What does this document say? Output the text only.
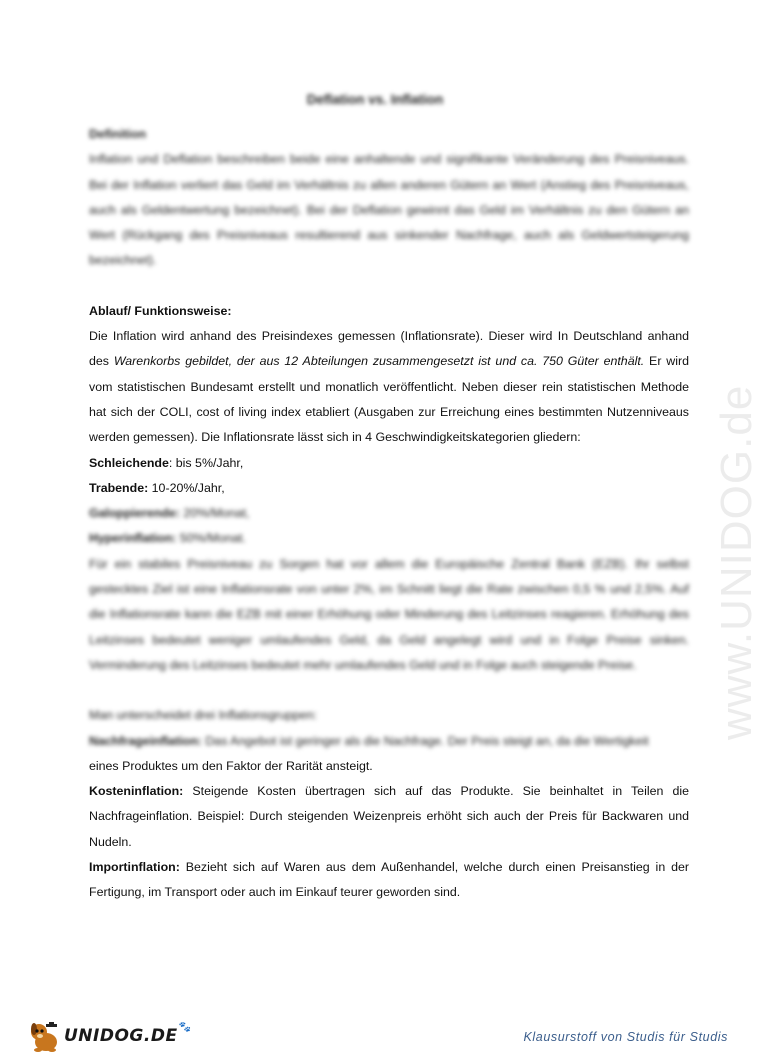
Deflation vs. Inflation
www.UNIDOG.de

Definition

Inflation und Deflation beschreiben beide eine anhaltende und signifikante Veränderung des Preisniveaus. Bei der Inflation verliert das Geld im Verhältnis zu allen anderen Gütern an Wert (Anstieg des Preisniveaus, auch als Geldentwertung bezeichnet). Bei der Deflation gewinnt das Geld im Verhältnis zu den Gütern an Wert (Rückgang des Preisniveaus resultierend aus sinkender Nachfrage, auch als Geldwertsteigerung bezeichnet).

Ablauf/ Funktionsweise:

Die Inflation wird anhand des Preisindexes gemessen (Inflationsrate). Dieser wird In Deutschland anhand des Warenkorbs gebildet, der aus 12 Abteilungen zusammengesetzt ist und ca. 750 Güter enthält. Er wird vom statistischen Bundesamt erstellt und monatlich veröffentlicht. Neben dieser rein statistischen Methode hat sich der COLI, cost of living index etabliert (Ausgaben zur Erreichung eines bestimmten Nutzenniveaus werden gemessen). Die Inflationsrate lässt sich in 4 Geschwindigkeitskategorien gliedern:

Schleichende: bis 5%/Jahr,

Trabende: 10-20%/Jahr,

Galoppierende: 20%/Monat,

Hyperinflation: 50%/Monat.

Für ein stabiles Preisniveau zu Sorgen hat vor allem die Europäische Zentral Bank (EZB). Ihr selbst gestecktes Ziel ist eine Inflationsrate von unter 2%, im Schnitt liegt die Rate zwischen 0,5 % und 2,5%. Auf die Inflationsrate kann die EZB mit einer Erhöhung oder Minderung des Leitzinses reagieren. Erhöhung des Leitzinses bedeutet weniger umlaufendes Geld, da Geld angelegt wird und in Folge Preise sinken. Verminderung des Leitzinses bedeutet mehr umlaufendes Geld und in Folge auch steigende Preise.

Man unterscheidet drei Inflationsgruppen:

Nachfrageinflation: Das Angebot ist geringer als die Nachfrage. Der Preis steigt an, da die Wertigkeit
eines Produktes um den Faktor der Rarität ansteigt.

Kosteninflation: Steigende Kosten übertragen sich auf das Produkte. Sie beinhaltet in Teilen die Nachfrageinflation. Beispiel: Durch steigenden Weizenpreis erhöht sich auch der Preis für Backwaren und Nudeln.

Importinflation: Bezieht sich auf Waren aus dem Außenhandel, welche durch einen Preisanstieg in der Fertigung, im Transport oder auch im Einkauf teurer geworden sind.

UNIDOG.DE 🐾
Klausurstoff von Studis für Studis
